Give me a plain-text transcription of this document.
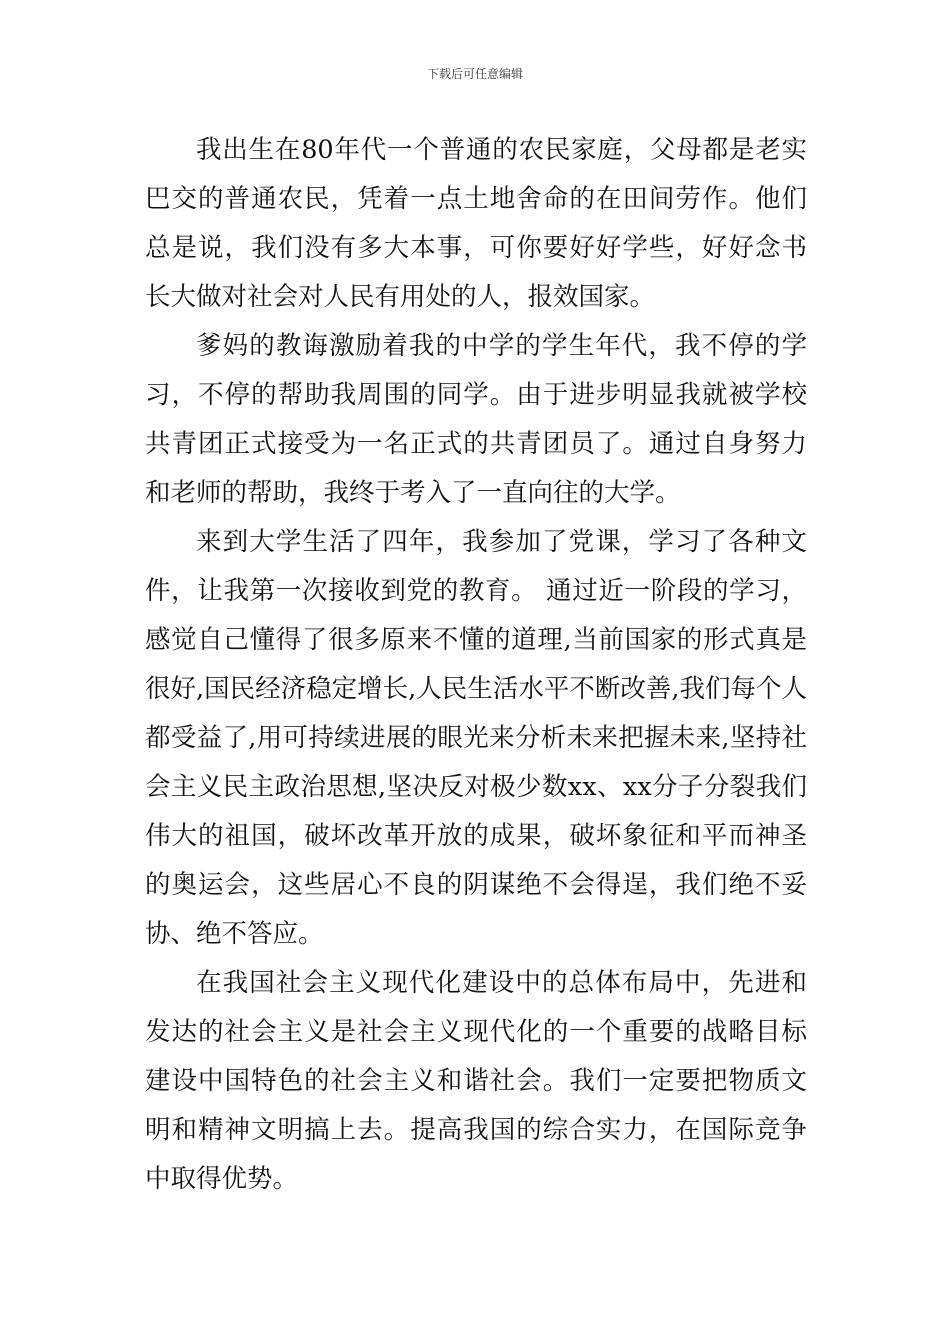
下载后可任意编辑

我出生在80年代一个普通的农民家庭，父母都是老实巴交的普通农民，凭着一点土地舍命的在田间劳作。他们总是说，我们没有多大本事，可你要好好学些，好好念书长大做对社会对人民有用处的人，报效国家。

爹妈的教诲激励着我的中学的学生年代，我不停的学习，不停的帮助我周围的同学。由于进步明显我就被学校共青团正式接受为一名正式的共青团员了。通过自身努力和老师的帮助，我终于考入了一直向往的大学。

来到大学生活了四年，我参加了党课，学习了各种文件，让我第一次接收到党的教育。 通过近一阶段的学习，感觉自己懂得了很多原来不懂的道理,当前国家的形式真是很好,国民经济稳定增长,人民生活水平不断改善,我们每个人都受益了,用可持续进展的眼光来分析未来把握未来,坚持社会主义民主政治思想,坚决反对极少数xx、xx分子分裂我们伟大的祖国，破坏改革开放的成果，破坏象征和平而神圣的奥运会，这些居心不良的阴谋绝不会得逞，我们绝不妥协、绝不答应。

在我国社会主义现代化建设中的总体布局中，先进和发达的社会主义是社会主义现代化的一个重要的战略目标建设中国特色的社会主义和谐社会。我们一定要把物质文明和精神文明搞上去。提高我国的综合实力，在国际竞争中取得优势。
